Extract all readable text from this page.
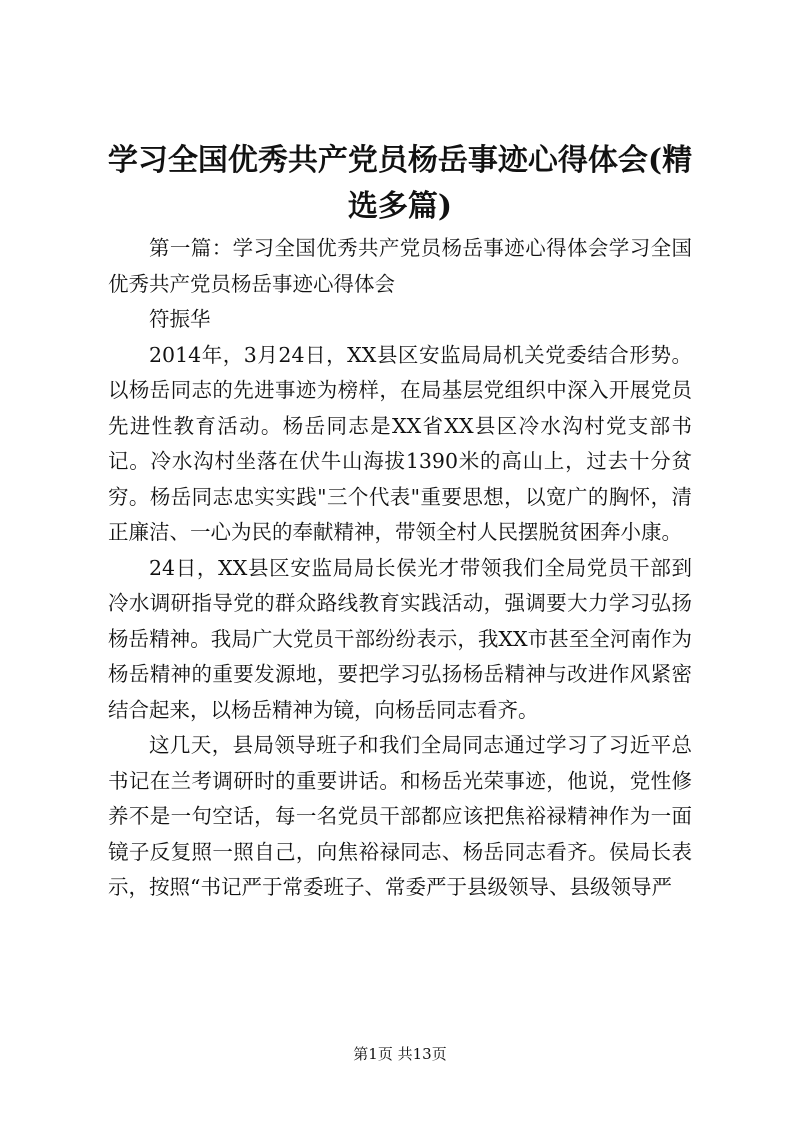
学习全国优秀共产党员杨岳事迹心得体会(精选多篇)

第一篇：学习全国优秀共产党员杨岳事迹心得体会学习全国优秀共产党员杨岳事迹心得体会

符振华

2014年，3月24日，XX县区安监局局机关党委结合形势。以杨岳同志的先进事迹为榜样，在局基层党组织中深入开展党员先进性教育活动。杨岳同志是XX省XX县区冷水沟村党支部书记。冷水沟村坐落在伏牛山海拔1390米的高山上，过去十分贫穷。杨岳同志忠实实践"三个代表"重要思想，以宽广的胸怀，清正廉洁、一心为民的奉献精神，带领全村人民摆脱贫困奔小康。

24日，XX县区安监局局长侯光才带领我们全局党员干部到冷水调研指导党的群众路线教育实践活动，强调要大力学习弘扬杨岳精神。我局广大党员干部纷纷表示，我XX市甚至全河南作为杨岳精神的重要发源地，要把学习弘扬杨岳精神与改进作风紧密结合起来，以杨岳精神为镜，向杨岳同志看齐。

这几天，县局领导班子和我们全局同志通过学习了习近平总书记在兰考调研时的重要讲话。和杨岳光荣事迹，他说，党性修养不是一句空话，每一名党员干部都应该把焦裕禄精神作为一面镜子反复照一照自己，向焦裕禄同志、杨岳同志看齐。侯局长表示，按照“书记严于常委班子、常委严于县级领导、县级领导严

第1页 共13页
